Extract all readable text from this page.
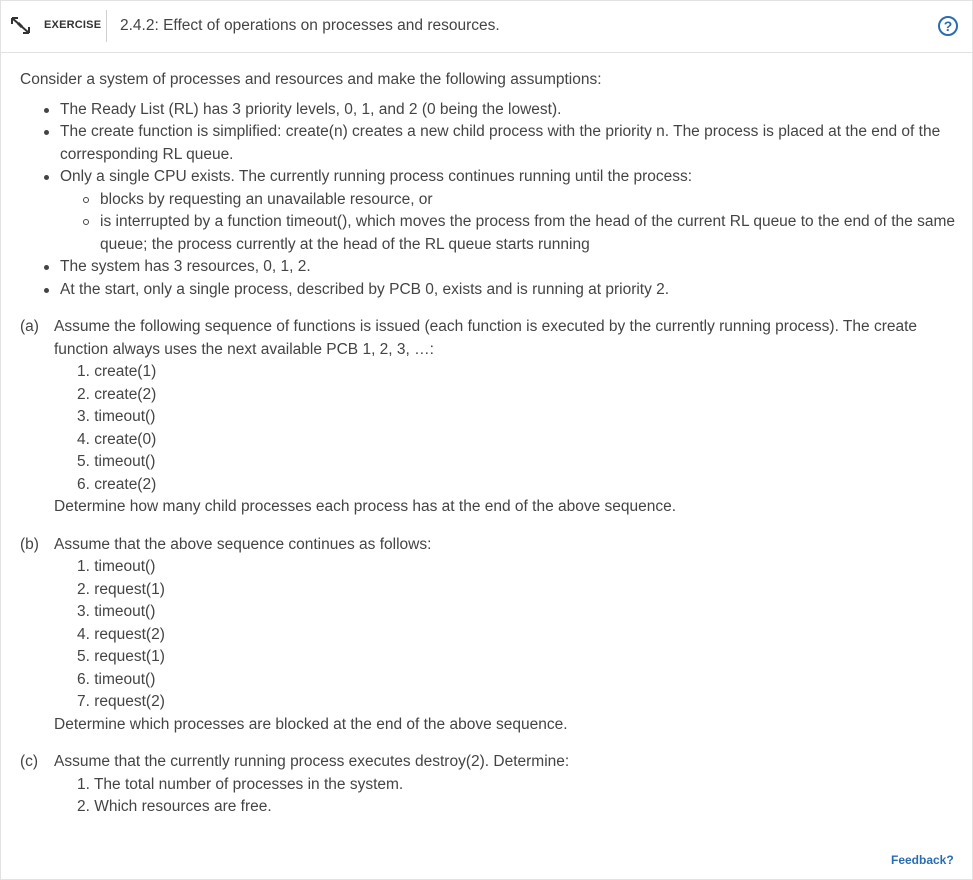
EXERCISE 2.4.2: Effect of operations on processes and resources.	?

Consider a system of processes and resources and make the following assumptions:

The Ready List (RL) has 3 priority levels, 0, 1, and 2 (0 being the lowest).
The create function is simplified: create(n) creates a new child process with the priority n. The process is placed at the end of the corresponding RL queue.
Only a single CPU exists. The currently running process continues running until the process:
blocks by requesting an unavailable resource, or
is interrupted by a function timeout(), which moves the process from the head of the current RL queue to the end of the same queue; the process currently at the head of the RL queue starts running
The system has 3 resources, 0, 1, 2.
At the start, only a single process, described by PCB 0, exists and is running at priority 2.
(a) Assume the following sequence of functions is issued (each function is executed by the currently running process). The create function always uses the next available PCB 1, 2, 3, …:
1. create(1)
2. create(2)
3. timeout()
4. create(0)
5. timeout()
6. create(2)
Determine how many child processes each process has at the end of the above sequence.
(b) Assume that the above sequence continues as follows:
1. timeout()
2. request(1)
3. timeout()
4. request(2)
5. request(1)
6. timeout()
7. request(2)
Determine which processes are blocked at the end of the above sequence.
(c) Assume that the currently running process executes destroy(2). Determine:
1. The total number of processes in the system.
2. Which resources are free.
Feedback?
